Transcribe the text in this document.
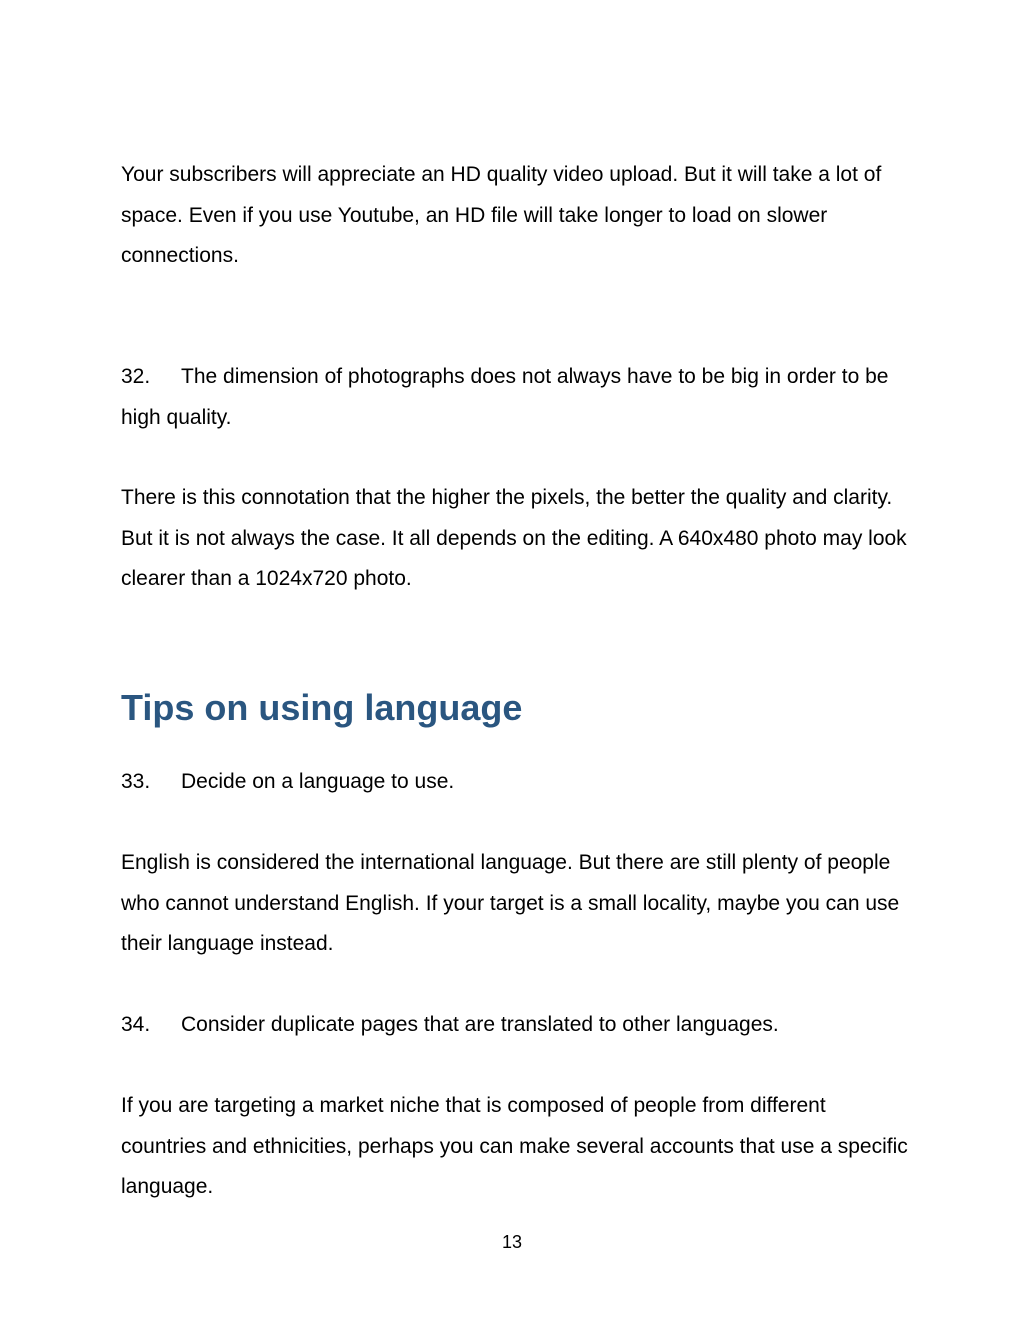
Your subscribers will appreciate an HD quality video upload. But it will take a lot of space. Even if you use Youtube, an HD file will take longer to load on slower connections.

32. The dimension of photographs does not always have to be big in order to be high quality.

There is this connotation that the higher the pixels, the better the quality and clarity. But it is not always the case. It all depends on the editing. A 640x480 photo may look clearer than a 1024x720 photo.

Tips on using language

33. Decide on a language to use.

English is considered the international language. But there are still plenty of people who cannot understand English. If your target is a small locality, maybe you can use their language instead.

34. Consider duplicate pages that are translated to other languages.

If you are targeting a market niche that is composed of people from different countries and ethnicities, perhaps you can make several accounts that use a specific language.

13
